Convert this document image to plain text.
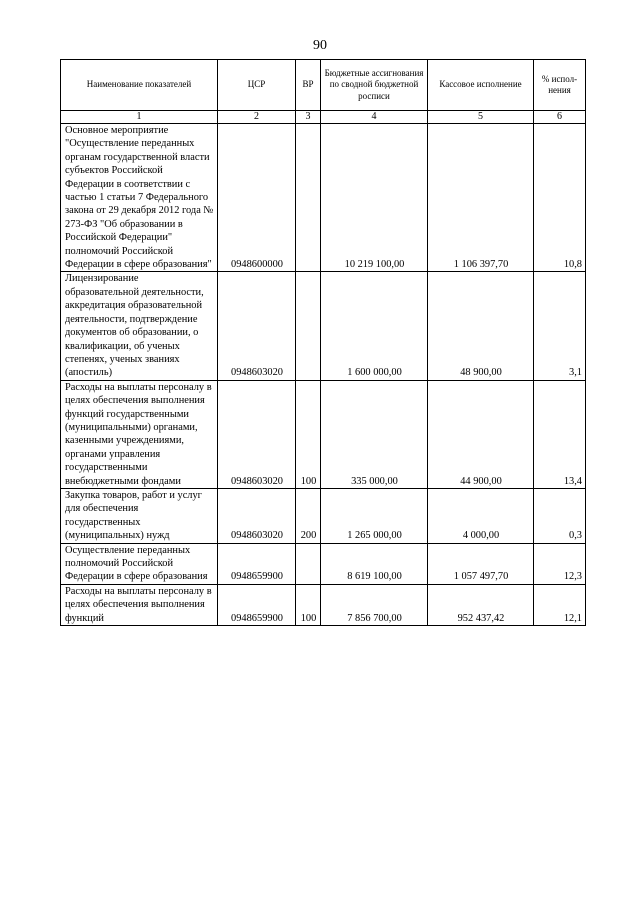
90
Наименование показателей	ЦСР	ВР	Бюджетные ассигнования по сводной бюджетной росписи	Кассовое исполнение	% испол-нения
1	2	3	4	5	6
Основное мероприятие "Осуществление переданных органам государственной власти субъектов Российской Федерации в соответствии с частью 1 статьи 7 Федерального закона от 29 декабря 2012 года № 273-ФЗ "Об образовании в Российской Федерации" полномочий Российской Федерации в сфере образования"	0948600000		10 219 100,00	1 106 397,70	10,8
Лицензирование образовательной деятельности, аккредитация образовательной деятельности, подтверждение документов об образовании, о квалификации, об ученых степенях, ученых званиях (апостиль)	0948603020		1 600 000,00	48 900,00	3,1
Расходы на выплаты персоналу в целях обеспечения выполнения функций государственными (муниципальными) органами, казенными учреждениями, органами управления государственными внебюджетными фондами	0948603020	100	335 000,00	44 900,00	13,4
Закупка товаров, работ и услуг для обеспечения государственных (муниципальных) нужд	0948603020	200	1 265 000,00	4 000,00	0,3
Осуществление переданных полномочий Российской Федерации в сфере образования	0948659900		8 619 100,00	1 057 497,70	12,3
Расходы на выплаты персоналу в целях обеспечения выполнения функций	0948659900	100	7 856 700,00	952 437,42	12,1
